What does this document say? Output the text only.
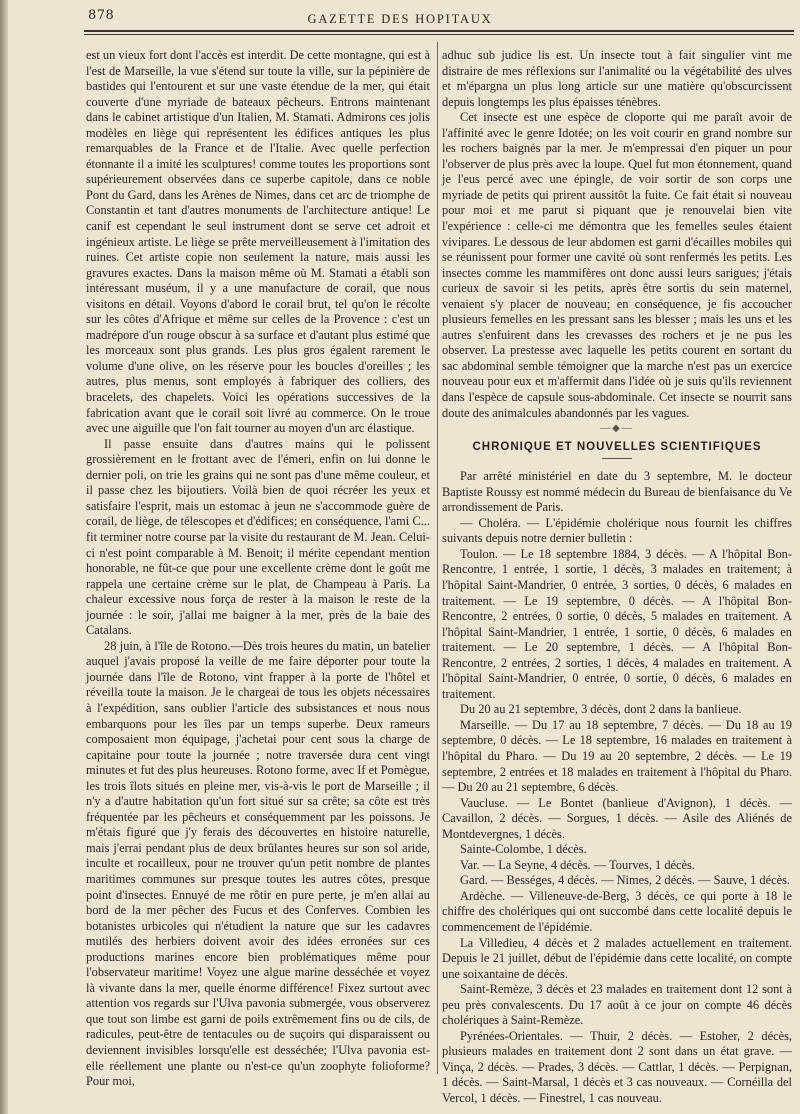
878	GAZETTE DES HOPITAUX

est un vieux fort dont l'accès est interdit. De cette montagne, qui est à l'est de Marseille, la vue s'étend sur toute la ville, sur la pépinière de bastides qui l'entourent et sur une vaste étendue de la mer, qui était couverte d'une myriade de bateaux pêcheurs. Entrons maintenant dans le cabinet artistique d'un Italien, M. Stamati. Admirons ces jolis modèles en liège qui représentent les édifices antiques les plus remarquables de la France et de l'Italie. Avec quelle perfection étonnante il a imité les sculptures! comme toutes les proportions sont supérieurement observées dans ce superbe capitole, dans ce noble Pont du Gard, dans les Arènes de Nimes, dans cet arc de triomphe de Constantin et tant d'autres monuments de l'architecture antique! Le canif est cependant le seul instrument dont se serve cet adroit et ingénieux artiste. Le liège se prête merveilleusement à l'imitation des ruines. Cet artiste copie non seulement la nature, mais aussi les gravures exactes. Dans la maison même où M. Stamati a établi son intéressant muséum, il y a une manufacture de corail, que nous visitons en détail. Voyons d'abord le corail brut, tel qu'on le récolte sur les côtes d'Afrique et même sur celles de la Provence : c'est un madrépore d'un rouge obscur à sa surface et d'autant plus estimé que les morceaux sont plus grands. Les plus gros égalent rarement le volume d'une olive, on les réserve pour les boucles d'oreilles ; les autres, plus menus, sont employés à fabriquer des colliers, des bracelets, des chapelets. Voici les opérations successives de la fabrication avant que le corail soit livré au commerce. On le troue avec une aiguille que l'on fait tourner au moyen d'un arc élastique.

Il passe ensuite dans d'autres mains qui le polissent grossièrement en le frottant avec de l'émeri, enfin on lui donne le dernier poli, on trie les grains qui ne sont pas d'une même couleur, et il passe chez les bijoutiers. Voilà bien de quoi récréer les yeux et satisfaire l'esprit, mais un estomac à jeun ne s'accommode guère de corail, de liège, de télescopes et d'édifices; en conséquence, l'ami C... fit terminer notre course par la visite du restaurant de M. Jean. Celui-ci n'est point comparable à M. Benoit; il mérite cependant mention honorable, ne fût-ce que pour une excellente crème dont le goût me rappela une certaine crème sur le plat, de Champeau à Paris. La chaleur excessive nous força de rester à la maison le reste de la journée : le soir, j'allai me baigner à la mer, près de la baie des Catalans.

28 juin, à l'île de Rotono.—Dès trois heures du matin, un batelier auquel j'avais proposé la veille de me faire déporter pour toute la journée dans l'île de Rotono, vint frapper à la porte de l'hôtel et réveilla toute la maison. Je le chargeai de tous les objets nécessaires à l'expédition, sans oublier l'article des subsistances et nous nous embarquons pour les îles par un temps superbe. Deux rameurs composaient mon équipage, j'achetai pour cent sous la charge de capitaine pour toute la journée ; notre traversée dura cent vingt minutes et fut des plus heureuses. Rotono forme, avec If et Pomègue, les trois îlots situés en pleine mer, vis-à-vis le port de Marseille ; il n'y a d'autre habitation qu'un fort situé sur sa crête; sa côte est très fréquentée par les pêcheurs et conséquemment par les poissons. Je m'étais figuré que j'y ferais des découvertes en histoire naturelle, mais j'errai pendant plus de deux brûlantes heures sur son sol aride, inculte et rocailleux, pour ne trouver qu'un petit nombre de plantes maritimes communes sur presque toutes les autres côtes, presque point d'insectes. Ennuyé de me rôtir en pure perte, je m'en allai au bord de la mer pêcher des Fucus et des Conferves. Combien les botanistes urbicoles qui n'étudient la nature que sur les cadavres mutilés des herbiers doivent avoir des idées erronées sur ces productions marines encore bien problématiques même pour l'observateur maritime! Voyez une algue marine desséchée et voyez là vivante dans la mer, quelle énorme différence! Fixez surtout avec attention vos regards sur l'Ulva pavonia submergée, vous observerez que tout son limbe est garni de poils extrêmement fins ou de cils, de radicules, peut-être de tentacules ou de suçoirs qui disparaissent ou deviennent invisibles lorsqu'elle est desséchée; l'Ulva pavonia est-elle réellement une plante ou n'est-ce qu'un zoophyte folioforme? Pour moi,

adhuc sub judice lis est. Un insecte tout à fait singulier vint me distraire de mes réflexions sur l'animalité ou la végétabilité des ulves et m'épargna un plus long article sur une matière qu'obscurcissent depuis longtemps les plus épaisses ténèbres.

Cet insecte est une espèce de cloporte qui me paraît avoir de l'affinité avec le genre Idotée; on les voit courir en grand nombre sur les rochers baignés par la mer. Je m'empressai d'en piquer un pour l'observer de plus près avec la loupe. Quel fut mon étonnement, quand je l'eus percé avec une épingle, de voir sortir de son corps une myriade de petits qui prirent aussitôt la fuite. Ce fait était si nouveau pour moi et me parut si piquant que je renouvelai bien vite l'expérience : celle-ci me démontra que les femelles seules étaient vivipares. Le dessous de leur abdomen est garni d'écailles mobiles qui se réunissent pour former une cavité où sont renfermés les petits. Les insectes comme les mammifères ont donc aussi leurs sarigues; j'étais curieux de savoir si les petits, après être sortis du sein maternel, venaient s'y placer de nouveau; en conséquence, je fis accoucher plusieurs femelles en les pressant sans les blesser ; mais les uns et les autres s'enfuirent dans les crevasses des rochers et je ne pus les observer. La prestesse avec laquelle les petits courent en sortant du sac abdominal semble témoigner que la marche n'est pas un exercice nouveau pour eux et m'affermit dans l'idée où je suis qu'ils reviennent dans l'espèce de capsule sous-abdominale. Cet insecte se nourrit sans doute des animalcules abandonnés par les vagues.

—◆—
CHRONIQUE ET NOUVELLES SCIENTIFIQUES

Par arrêté ministériel en date du 3 septembre, M. le docteur Baptiste Roussy est nommé médecin du Bureau de bienfaisance du Ve arrondissement de Paris.

— Choléra. — L'épidémie cholérique nous fournit les chiffres suivants depuis notre dernier bulletin :

Toulon. — Le 18 septembre 1884, 3 décès. — A l'hôpital Bon-Rencontre, 1 entrée, 1 sortie, 1 décès, 3 malades en traitement; à l'hôpital Saint-Mandrier, 0 entrée, 3 sorties, 0 décès, 6 malades en traitement. — Le 19 septembre, 0 décès. — A l'hôpital Bon-Rencontre, 2 entrées, 0 sortie, 0 décès, 5 malades en traitement. A l'hôpital Saint-Mandrier, 1 entrée, 1 sortie, 0 décès, 6 malades en traitement. — Le 20 septembre, 1 décès. — A l'hôpital Bon-Rencontre, 2 entrées, 2 sorties, 1 décès, 4 malades en traitement. A l'hôpital Saint-Mandrier, 0 entrée, 0 sortie, 0 décès, 6 malades en traitement.

Du 20 au 21 septembre, 3 décès, dont 2 dans la banlieue.

Marseille. — Du 17 au 18 septembre, 7 décès. — Du 18 au 19 septembre, 0 décès. — Le 18 septembre, 16 malades en traitement à l'hôpital du Pharo. — Du 19 au 20 septembre, 2 décès. — Le 19 septembre, 2 entrées et 18 malades en traitement à l'hôpital du Pharo. — Du 20 au 21 septembre, 6 décès.

Vaucluse. — Le Bontet (banlieue d'Avignon), 1 décès. — Cavaillon, 2 décès. — Sorgues, 1 décès. — Asile des Aliénés de Montdevergnes, 1 décès.

Sainte-Colombe, 1 décès.

Var. — La Seyne, 4 décès. — Tourves, 1 décès.

Gard. — Bességes, 4 décès. — Nimes, 2 décès. — Sauve, 1 décès.

Ardèche. — Villeneuve-de-Berg, 3 décès, ce qui porte à 18 le chiffre des cholériques qui ont succombé dans cette localité depuis le commencement de l'épidémie.

La Villedieu, 4 décès et 2 malades actuellement en traitement. Depuis le 21 juillet, début de l'épidémie dans cette localité, on compte une soixantaine de décès.

Saint-Remèze, 3 décès et 23 malades en traitement dont 12 sont à peu près convalescents. Du 17 août à ce jour on compte 46 décès cholériques à Saint-Remèze.

Pyrénées-Orientales. — Thuir, 2 décès. — Estoher, 2 décès, plusieurs malades en traitement dont 2 sont dans un état grave. — Vinça, 2 décès. — Prades, 3 décès. — Cattlar, 1 décès. — Perpignan, 1 décès. — Saint-Marsal, 1 décès et 3 cas nouveaux. — Cornéilla del Vercol, 1 décès. — Finestrel, 1 cas nouveau.
